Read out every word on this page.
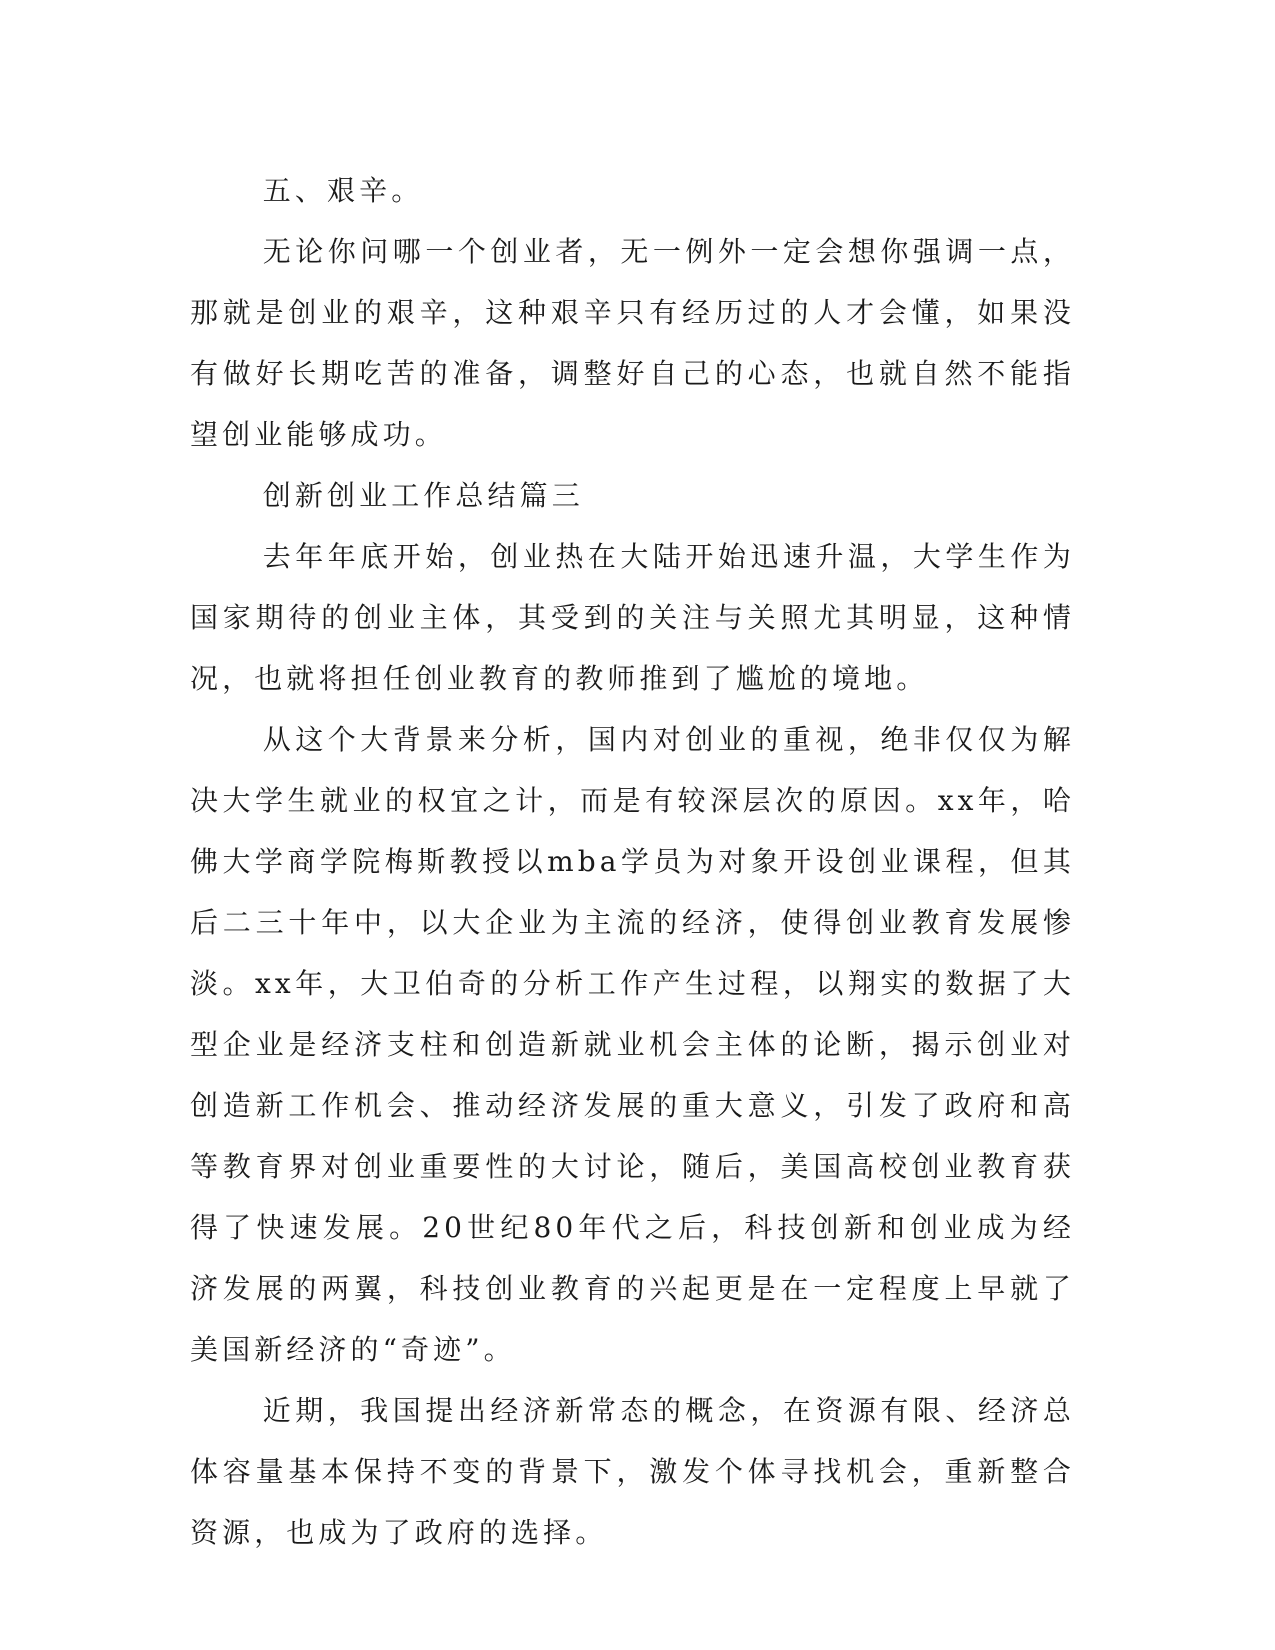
五、艰辛。

无论你问哪一个创业者，无一例外一定会想你强调一点，那就是创业的艰辛，这种艰辛只有经历过的人才会懂，如果没有做好长期吃苦的准备，调整好自己的心态，也就自然不能指望创业能够成功。

创新创业工作总结篇三

去年年底开始，创业热在大陆开始迅速升温，大学生作为国家期待的创业主体，其受到的关注与关照尤其明显，这种情况，也就将担任创业教育的教师推到了尴尬的境地。

从这个大背景来分析，国内对创业的重视，绝非仅仅为解决大学生就业的权宜之计，而是有较深层次的原因。xx年，哈佛大学商学院梅斯教授以mba学员为对象开设创业课程，但其后二三十年中，以大企业为主流的经济，使得创业教育发展惨淡。xx年，大卫伯奇的分析工作产生过程，以翔实的数据了大型企业是经济支柱和创造新就业机会主体的论断，揭示创业对创造新工作机会、推动经济发展的重大意义，引发了政府和高等教育界对创业重要性的大讨论，随后，美国高校创业教育获得了快速发展。20世纪80年代之后，科技创新和创业成为经济发展的两翼，科技创业教育的兴起更是在一定程度上早就了美国新经济的“奇迹”。

近期，我国提出经济新常态的概念，在资源有限、经济总体容量基本保持不变的背景下，激发个体寻找机会，重新整合资源，也成为了政府的选择。
